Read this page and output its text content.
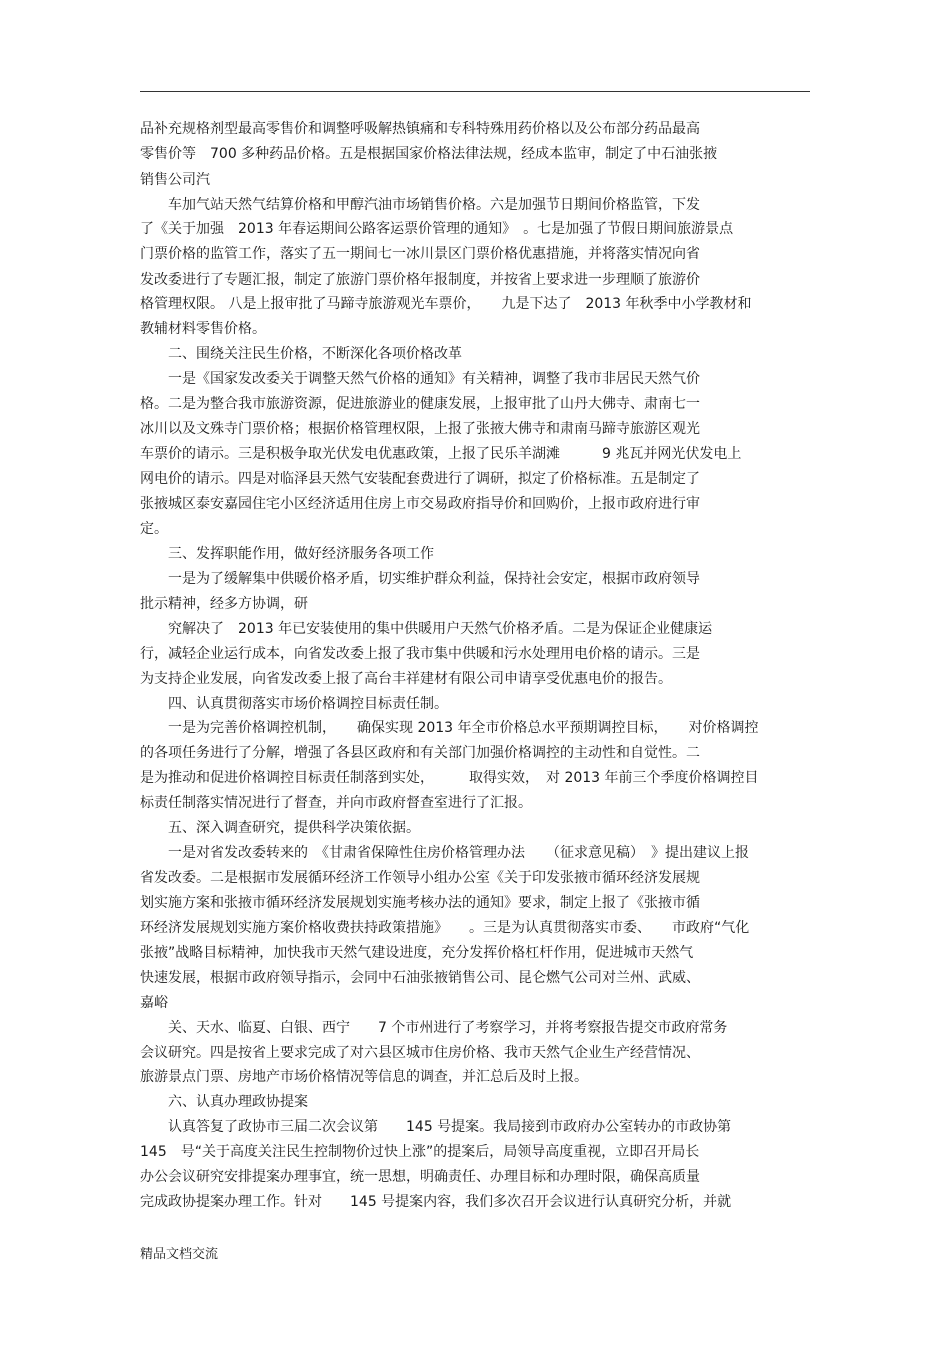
品补充规格剂型最高零售价和调整呼吸解热镇痛和专科特殊用药价格以及公布部分药品最高
零售价等　700 多种药品价格。五是根据国家价格法律法规，经成本监审，制定了中石油张掖
销售公司汽
车加气站天然气结算价格和甲醇汽油市场销售价格。六是加强节日期间价格监管，下发
了《关于加强　2013 年春运期间公路客运票价管理的通知》　。七是加强了节假日期间旅游景点
门票价格的监管工作，落实了五一期间七一冰川景区门票价格优惠措施，并将落实情况向省
发改委进行了专题汇报，制定了旅游门票价格年报制度，并按省上要求进一步理顺了旅游价
格管理权限。 八是上报审批了马蹄寺旅游观光车票价，　　九是下达了　2013 年秋季中小学教材和
教辅材料零售价格。
二、围绕关注民生价格，不断深化各项价格改革
一是《国家发改委关于调整天然气价格的通知》有关精神，调整了我市非居民天然气价
格。二是为整合我市旅游资源，促进旅游业的健康发展，上报审批了山丹大佛寺、肃南七一
冰川以及文殊寺门票价格；根据价格管理权限，上报了张掖大佛寺和肃南马蹄寺旅游区观光
车票价的请示。三是积极争取光伏发电优惠政策，上报了民乐羊湖滩　　　9 兆瓦并网光伏发电上
网电价的请示。四是对临泽县天然气安装配套费进行了调研，拟定了价格标准。五是制定了
张掖城区泰安嘉园住宅小区经济适用住房上市交易政府指导价和回购价，上报市政府进行审
定。
三、发挥职能作用，做好经济服务各项工作
一是为了缓解集中供暖价格矛盾，切实维护群众利益，保持社会安定，根据市政府领导
批示精神，经多方协调，研
究解决了　2013 年已安装使用的集中供暖用户天然气价格矛盾。二是为保证企业健康运
行，减轻企业运行成本，向省发改委上报了我市集中供暖和污水处理用电价格的请示。三是
为支持企业发展，向省发改委上报了高台丰祥建材有限公司申请享受优惠电价的报告。
四、认真贯彻落实市场价格调控目标责任制。
一是为完善价格调控机制，　　确保实现 2013 年全市价格总水平预期调控目标，　　对价格调控
的各项任务进行了分解，增强了各县区政府和有关部门加强价格调控的主动性和自觉性。二
是为推动和促进价格调控目标责任制落到实处，　　　取得实效，　对 2013 年前三个季度价格调控目
标责任制落实情况进行了督查，并向市政府督查室进行了汇报。
五、深入调查研究，提供科学决策依据。
一是对省发改委转来的　《甘肃省保障性住房价格管理办法　　（征求意见稿）　》提出建议上报
省发改委。二是根据市发展循环经济工作领导小组办公室《关于印发张掖市循环经济发展规
划实施方案和张掖市循环经济发展规划实施考核办法的通知》要求，制定上报了《张掖市循
环经济发展规划实施方案价格收费扶持政策措施》　　。三是为认真贯彻落实市委、　　市政府“气化
张掖”战略目标精神，加快我市天然气建设进度，充分发挥价格杠杆作用，促进城市天然气
快速发展，根据市政府领导指示，会同中石油张掖销售公司、昆仑燃气公司对兰州、武威、
嘉峪
关、天水、临夏、白银、西宁　　7 个市州进行了考察学习，并将考察报告提交市政府常务
会议研究。四是按省上要求完成了对六县区城市住房价格、我市天然气企业生产经营情况、
旅游景点门票、房地产市场价格情况等信息的调查，并汇总后及时上报。
六、认真办理政协提案
认真答复了政协市三届二次会议第　　145 号提案。我局接到市政府办公室转办的市政协第
145　号“关于高度关注民生控制物价过快上涨”的提案后，局领导高度重视，立即召开局长
办公会议研究安排提案办理事宜，统一思想，明确责任、办理目标和办理时限，确保高质量
完成政协提案办理工作。针对　　145 号提案内容，我们多次召开会议进行认真研究分析，并就
精品文档交流
